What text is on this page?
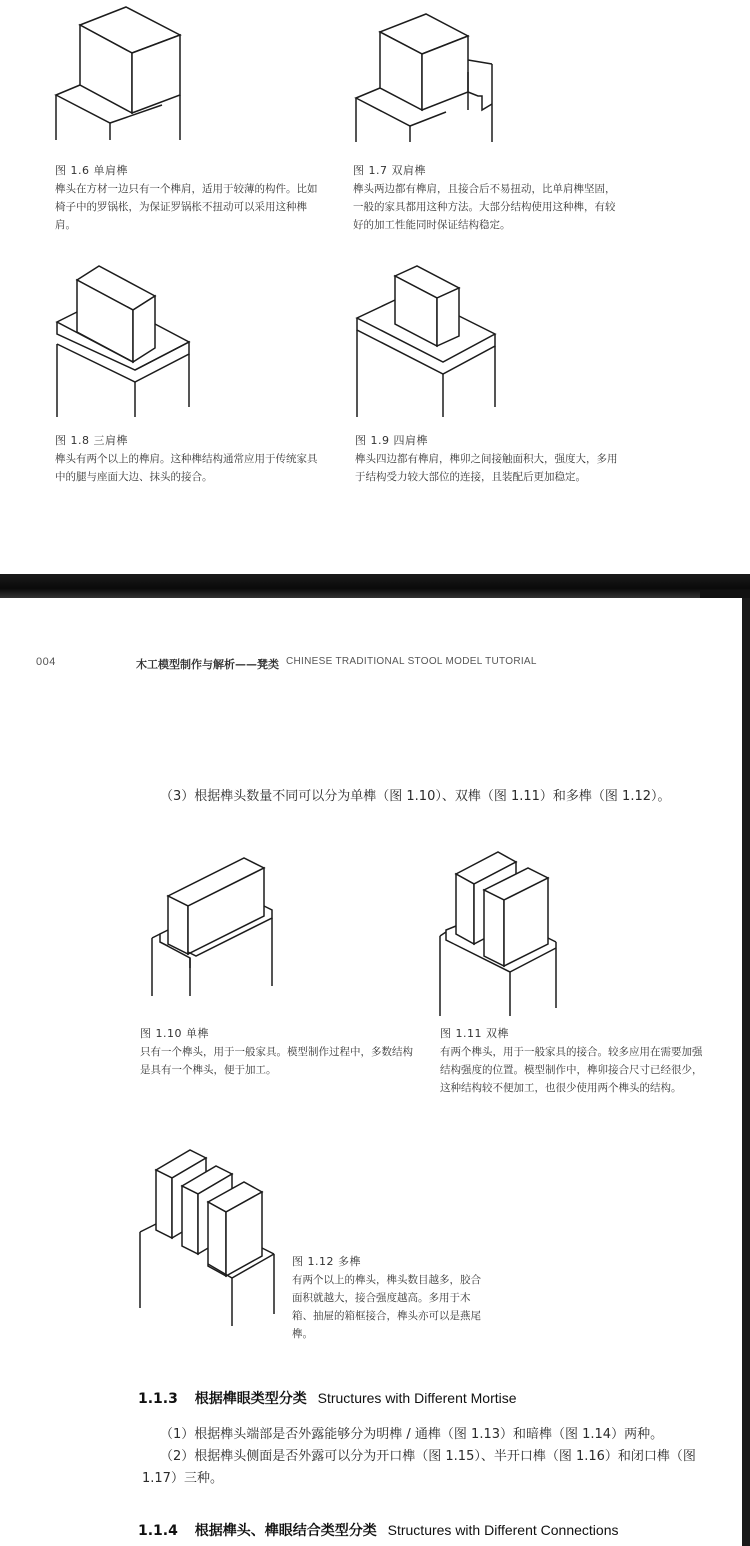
图 1.6 单肩榫
榫头在方材一边只有一个榫肩，适用于较薄的构件。比如椅子中的罗锅枨，为保证罗锅枨不扭动可以采用这种榫肩。
图 1.7 双肩榫
榫头两边都有榫肩，且接合后不易扭动，比单肩榫坚固，一般的家具都用这种方法。大部分结构使用这种榫，有较好的加工性能同时保证结构稳定。
图 1.8 三肩榫
榫头有两个以上的榫肩。这种榫结构通常应用于传统家具中的腿与座面大边、抹头的接合。
图 1.9 四肩榫
榫头四边都有榫肩，榫卯之间接触面积大，强度大，多用于结构受力较大部位的连接，且装配后更加稳定。
004	木工模型制作与解析——凳类 CHINESE TRADITIONAL STOOL MODEL TUTORIAL
（3）根据榫头数量不同可以分为单榫（图 1.10）、双榫（图 1.11）和多榫（图 1.12）。
图 1.10 单榫
只有一个榫头，用于一般家具。模型制作过程中，多数结构是具有一个榫头，便于加工。
图 1.11 双榫
有两个榫头，用于一般家具的接合。较多应用在需要加强结构强度的位置。模型制作中，榫卯接合尺寸已经很少，这种结构较不便加工，也很少使用两个榫头的结构。
图 1.12 多榫
有两个以上的榫头，榫头数目越多，胶合面积就越大，接合强度越高。多用于木箱、抽屉的箱框接合，榫头亦可以是燕尾榫。
1.1.3 根据榫眼类型分类 Structures with Different Mortise
（1）根据榫头端部是否外露能够分为明榫 / 通榫（图 1.13）和暗榫（图 1.14）两种。
（2）根据榫头侧面是否外露可以分为开口榫（图 1.15）、半开口榫（图 1.16）和闭口榫（图 1.17）三种。
1.1.4 根据榫头、榫眼结合类型分类 Structures with Different Connections
